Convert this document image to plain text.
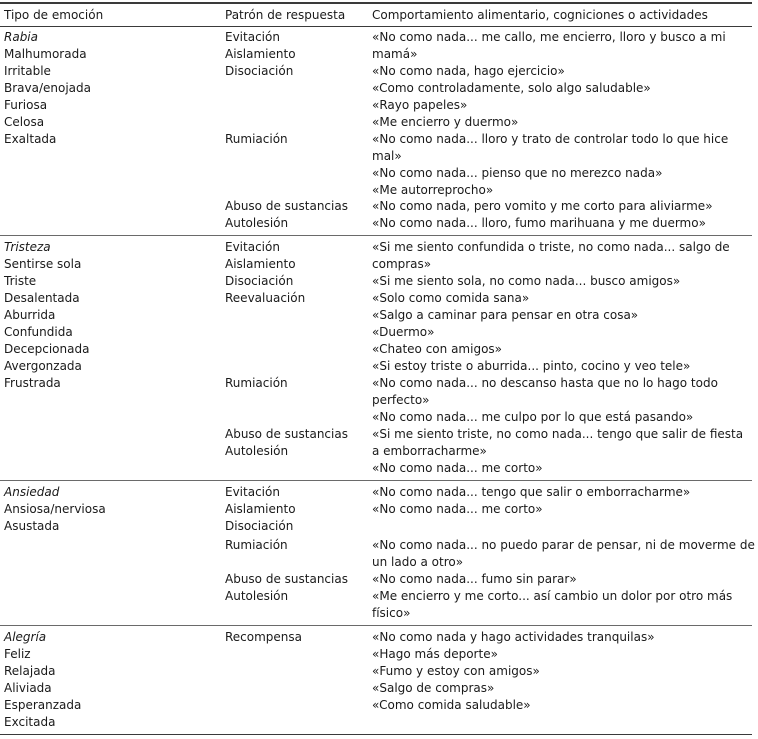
Tipo de emoción	Patrón de respuesta Comportamiento alimentario, cogniciones o actividades
Rabia
Malhumorada
Irritable
Brava/enojada
Furiosa
Celosa
Exaltada
Evitación
Aislamiento
Disociación
Rumiación
Abuso de sustancias
Autolesión
«No como nada... me callo, me encierro, lloro y busco a mi
mamá»
«No como nada, hago ejercicio»
«Como controladamente, solo algo saludable»
«Rayo papeles»
«Me encierro y duermo»
«No como nada... lloro y trato de controlar todo lo que hice
mal»
«No como nada... pienso que no merezco nada»
«Me autorreprocho»
«No como nada, pero vomito y me corto para aliviarme»
«No como nada... lloro, fumo marihuana y me duermo»
Tristeza
Sentirse sola
Triste
Desalentada
Aburrida
Confundida
Decepcionada
Avergonzada
Frustrada
Evitación
Aislamiento
Disociación
Reevaluación
Rumiación
Abuso de sustancias
Autolesión
«Si me siento confundida o triste, no como nada... salgo de
compras»
«Si me siento sola, no como nada... busco amigos»
«Solo como comida sana»
«Salgo a caminar para pensar en otra cosa»
«Duermo»
«Chateo con amigos»
«Si estoy triste o aburrida... pinto, cocino y veo tele»
«No como nada... no descanso hasta que no lo hago todo
perfecto»
«No como nada... me culpo por lo que está pasando»
«Si me siento triste, no como nada... tengo que salir de fiesta
a emborracharme»
«No como nada... me corto»
Ansiedad
Ansiosa/nerviosa
Asustada
Evitación
Aislamiento
Disociación
Rumiación
Abuso de sustancias
Autolesión
«No como nada... tengo que salir o emborracharme»
«No como nada... me corto»
«No como nada... no puedo parar de pensar, ni de moverme de
un lado a otro»
«No como nada... fumo sin parar»
«Me encierro y me corto... así cambio un dolor por otro más
físico»
Alegría
Feliz
Relajada
Aliviada
Esperanzada
Excitada
Recompensa	«No como nada y hago actividades tranquilas»
«Hago más deporte»
«Fumo y estoy con amigos»
«Salgo de compras»
«Como comida saludable»
